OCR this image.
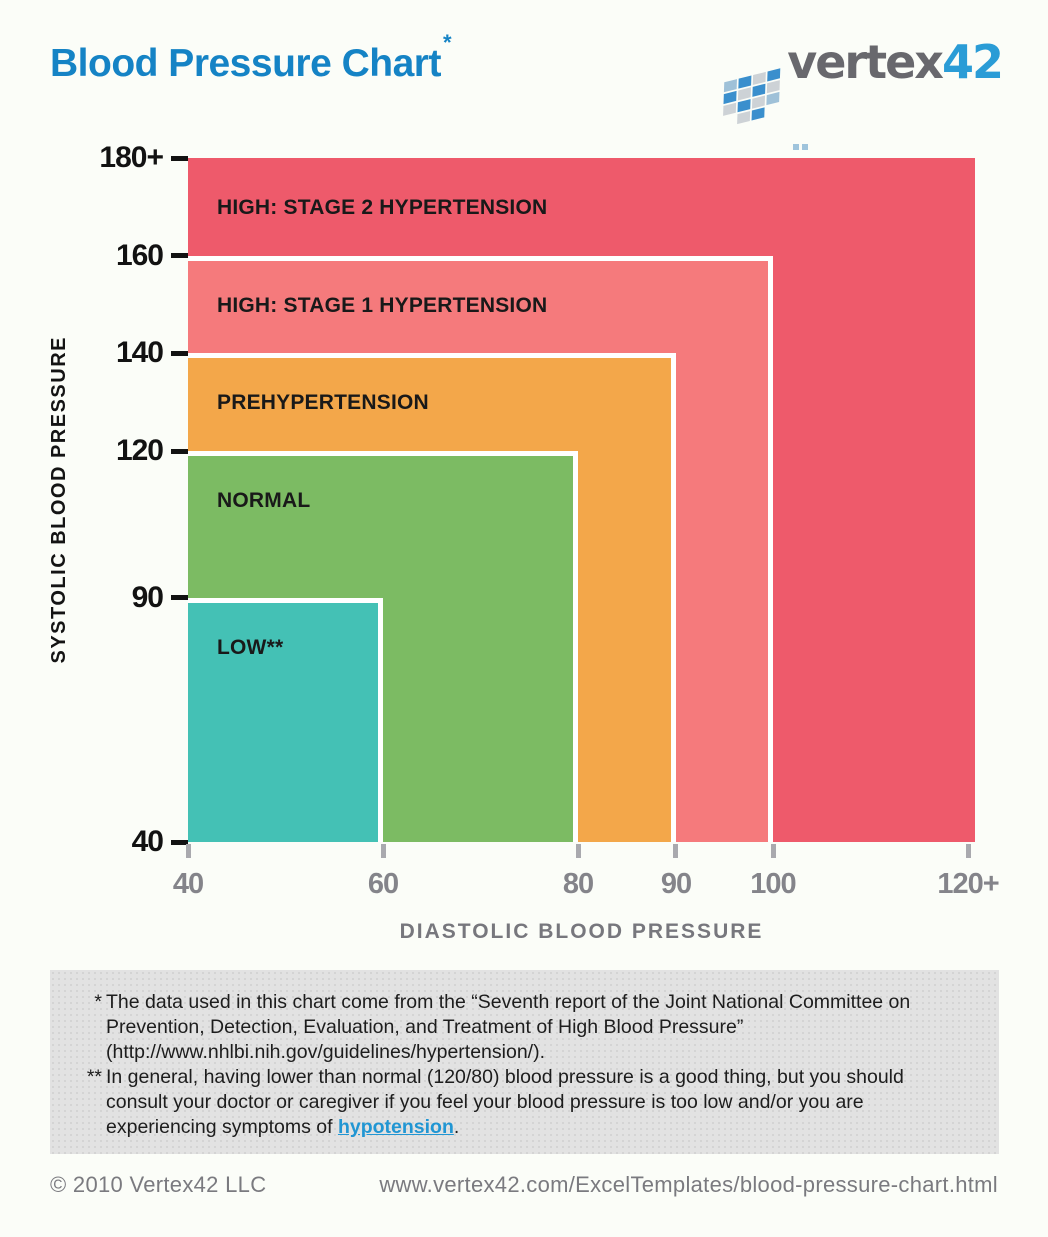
Blood Pressure Chart*	vertex42
SYSTOLIC BLOOD PRESSURE
HIGH: STAGE 2 HYPERTENSION
HIGH: STAGE 1 HYPERTENSION
PREHYPERTENSION
NORMAL
LOW**
DIASTOLIC BLOOD PRESSURE
180+
160
140
120
90
40
40	60	80	90	100	120+
* The data used in this chart come from the “Seventh report of the Joint National Committee on Prevention, Detection, Evaluation, and Treatment of High Blood Pressure” (http://www.nhlbi.nih.gov/guidelines/hypertension/).
** In general, having lower than normal (120/80) blood pressure is a good thing, but you should consult your doctor or caregiver if you feel your blood pressure is too low and/or you are experiencing symptoms of hypotension.
© 2010 Vertex42 LLC	www.vertex42.com/ExcelTemplates/blood-pressure-chart.html
